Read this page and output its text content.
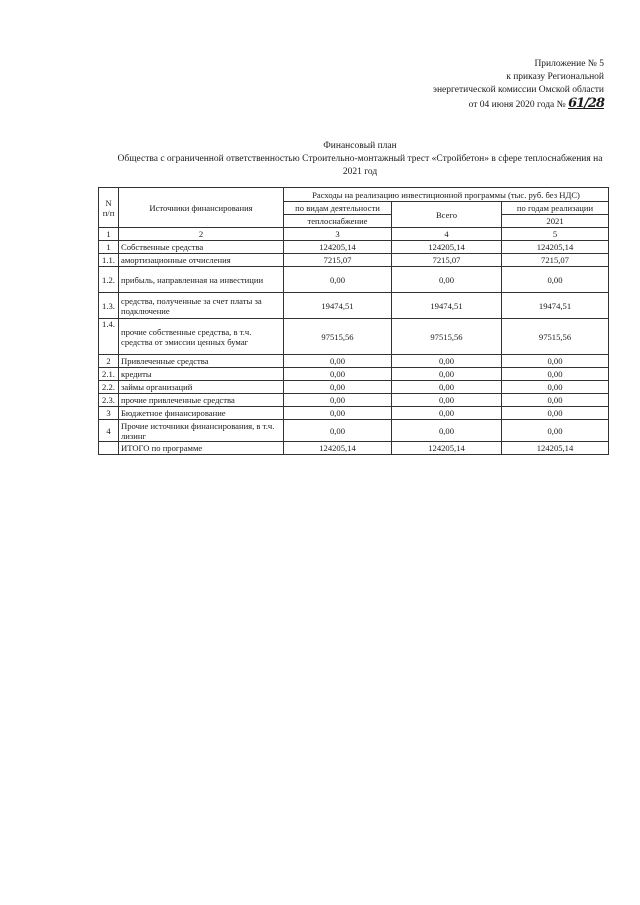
Приложение № 5
к приказу Региональной
энергетической комиссии Омской области
от 04 июня 2020 года № 61/28
Финансовый план
Общества с ограниченной ответственностью Строительно-монтажный трест «Стройбетон» в сфере теплоснабжения на
2021 год
N
п/п	Источники финансирования	Расходы на реализацию инвестиционной программы (тыс. руб. без НДС)		
		по видам деятельности	Всего	по годам реализации
		теплоснабжение		2021
1	2	3	4	5
1	Собственные средства	124205,14	124205,14	124205,14
1.1.	амортизационные отчисления	7215,07	7215,07	7215,07
1.2.	прибыль, направленная на инвестиции	0,00	0,00	0,00
1.3.	средства, полученные за счет платы за подключение	19474,51	19474,51	19474,51
1.4.	прочие собственные средства, в т.ч. средства от эмиссии ценных бумаг	97515,56	97515,56	97515,56
2	Привлеченные средства	0,00	0,00	0,00
2.1.	кредиты	0,00	0,00	0,00
2.2.	займы организаций	0,00	0,00	0,00
2.3.	прочие привлеченные средства	0,00	0,00	0,00
3	Бюджетное финансирование	0,00	0,00	0,00
4	Прочие источники финансирования, в т.ч. лизинг	0,00	0,00	0,00
	ИТОГО по программе	124205,14	124205,14	124205,14
